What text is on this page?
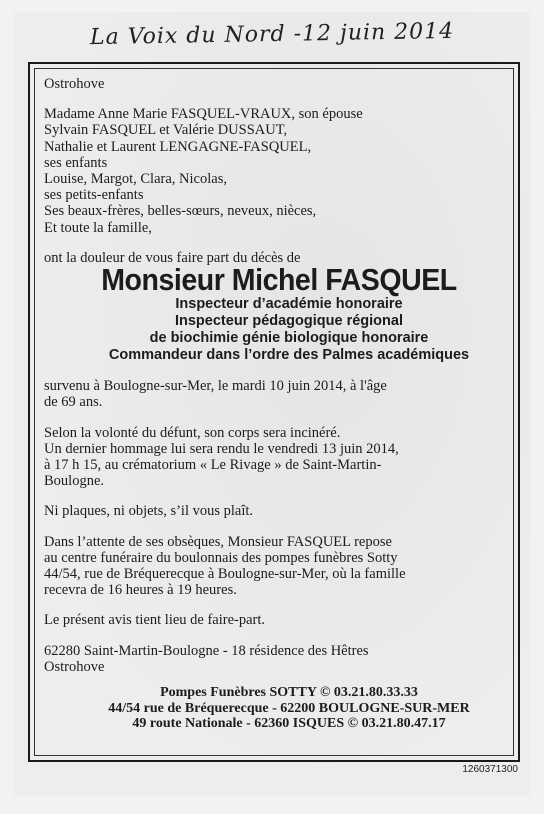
La Voix du Nord -12 juin 2014

Ostrohove

Madame Anne Marie FASQUEL-VRAUX, son épouse
Sylvain FASQUEL et Valérie DUSSAUT,
Nathalie et Laurent LENGAGNE-FASQUEL,
ses enfants
Louise, Margot, Clara, Nicolas,
ses petits-enfants
Ses beaux-frères, belles-sœurs, neveux, nièces,
Et toute la famille,

ont la douleur de vous faire part du décès de

Monsieur Michel FASQUEL

Inspecteur d’académie honoraire
Inspecteur pédagogique régional
de biochimie génie biologique honoraire
Commandeur dans l’ordre des Palmes académiques

survenu à Boulogne-sur-Mer, le mardi 10 juin 2014, à l'âge
de 69 ans.

Selon la volonté du défunt, son corps sera incinéré.
Un dernier hommage lui sera rendu le vendredi 13 juin 2014,
à 17 h 15, au crématorium « Le Rivage » de Saint-Martin-
Boulogne.

Ni plaques, ni objets, s’il vous plaît.

Dans l’attente de ses obsèques, Monsieur FASQUEL repose
au centre funéraire du boulonnais des pompes funèbres Sotty
44/54, rue de Bréquerecque à Boulogne-sur-Mer, où la famille
recevra de 16 heures à 19 heures.

Le présent avis tient lieu de faire-part.

62280 Saint-Martin-Boulogne - 18 résidence des Hêtres
Ostrohove

Pompes Funèbres SOTTY © 03.21.80.33.33
44/54 rue de Bréquerecque - 62200 BOULOGNE-SUR-MER
49 route Nationale - 62360 ISQUES © 03.21.80.47.17

1260371300
